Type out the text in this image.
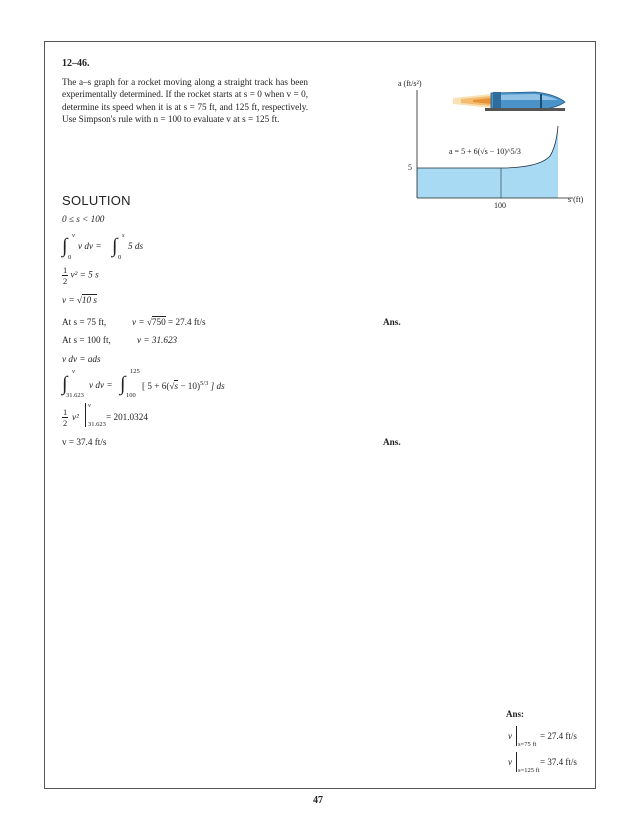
12–46.
The a–s graph for a rocket moving along a straight track has been experimentally determined. If the rocket starts at s = 0 when v = 0, determine its speed when it is at s = 75 ft, and 125 ft, respectively. Use Simpson's rule with n = 100 to evaluate v at s = 125 ft.
a (ft/s²)
s (ft)
a = 5 + 6(√s − 10)^5/3
5
100
SOLUTION
0 ≤ s < 100
∫ v
0
v dv = ∫ s
0
5 ds
$\frac{1}{2} v^2 = 5$ s
v = √10 s
At s = 75 ft,	v = √750 = 27.4 ft/s	Ans.
At s = 100 ft,	v = 31.623
v dv = ads
∫
v
31.623
v dv = ∫
125
100
[ $5 + 6(√s - 10)^{5/3}$ ] ds
$\frac{1}{2} v^2$
v
31.623
= 201.0324
v = 37.4 ft/s	Ans.
Ans:
v
s=75 ft
= 27.4 ft/s
v
s=125 ft
= 37.4 ft/s
47
